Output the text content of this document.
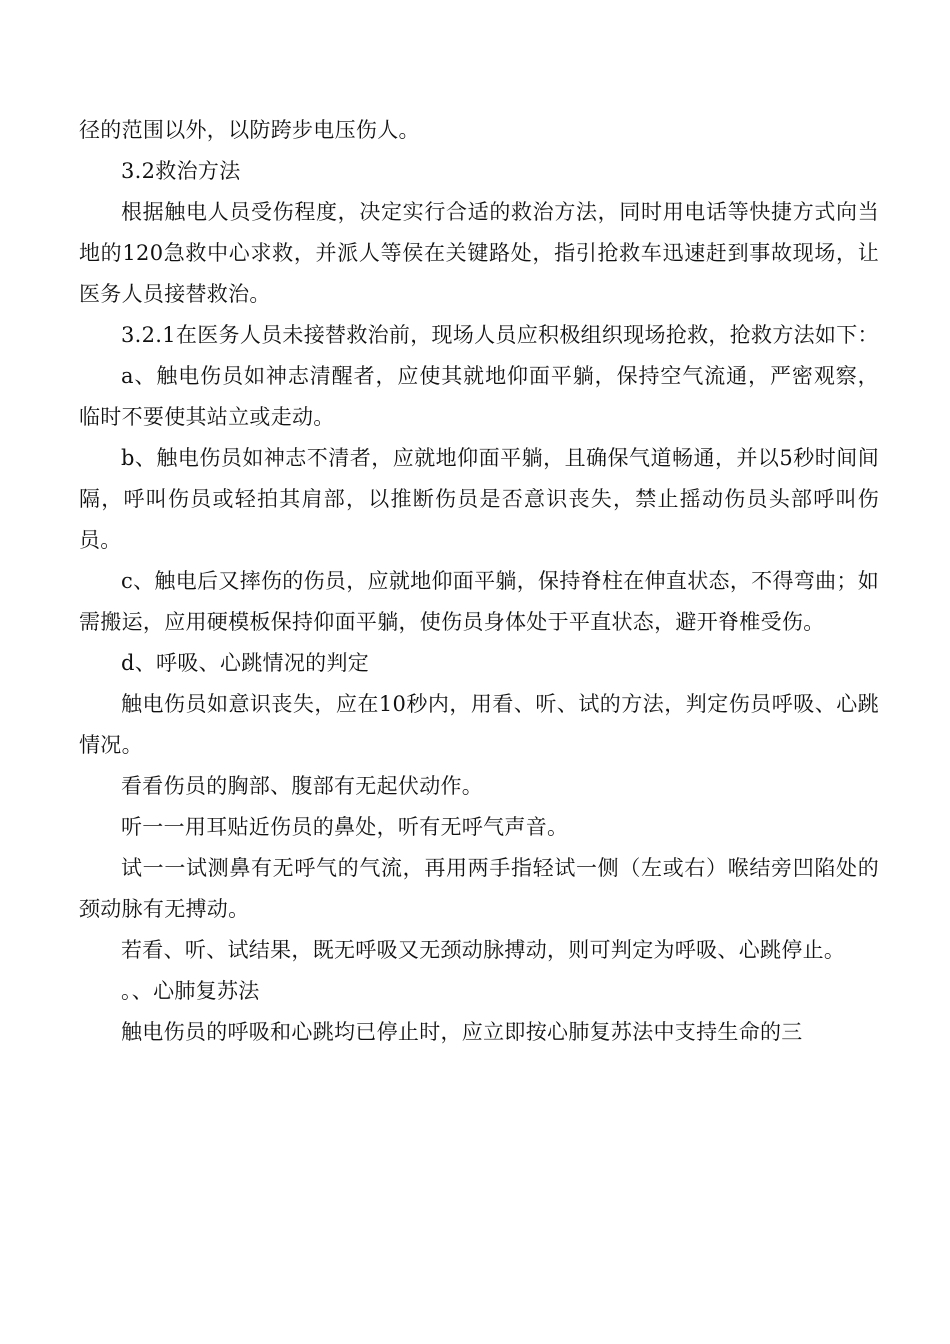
径的范围以外，以防跨步电压伤人。

3.2救治方法

根据触电人员受伤程度，决定实行合适的救治方法，同时用电话等快捷方式向当地的120急救中心求救，并派人等侯在关键路处，指引抢救车迅速赶到事故现场，让医务人员接替救治。

3.2.1在医务人员未接替救治前，现场人员应积极组织现场抢救，抢救方法如下：

a、触电伤员如神志清醒者，应使其就地仰面平躺，保持空气流通，严密观察，临时不要使其站立或走动。

b、触电伤员如神志不清者，应就地仰面平躺，且确保气道畅通，并以5秒时间间隔，呼叫伤员或轻拍其肩部，以推断伤员是否意识丧失，禁止摇动伤员头部呼叫伤员。

c、触电后又摔伤的伤员，应就地仰面平躺，保持脊柱在伸直状态，不得弯曲；如需搬运，应用硬模板保持仰面平躺，使伤员身体处于平直状态，避开脊椎受伤。

d、呼吸、心跳情况的判定

触电伤员如意识丧失，应在10秒内，用看、听、试的方法，判定伤员呼吸、心跳情况。

看看伤员的胸部、腹部有无起伏动作。

听一一用耳贴近伤员的鼻处，听有无呼气声音。

试一一试测鼻有无呼气的气流，再用两手指轻试一侧（左或右）喉结旁凹陷处的颈动脉有无搏动。

若看、听、试结果，既无呼吸又无颈动脉搏动，则可判定为呼吸、心跳停止。

。、心肺复苏法

触电伤员的呼吸和心跳均已停止时，应立即按心肺复苏法中支持生命的三
